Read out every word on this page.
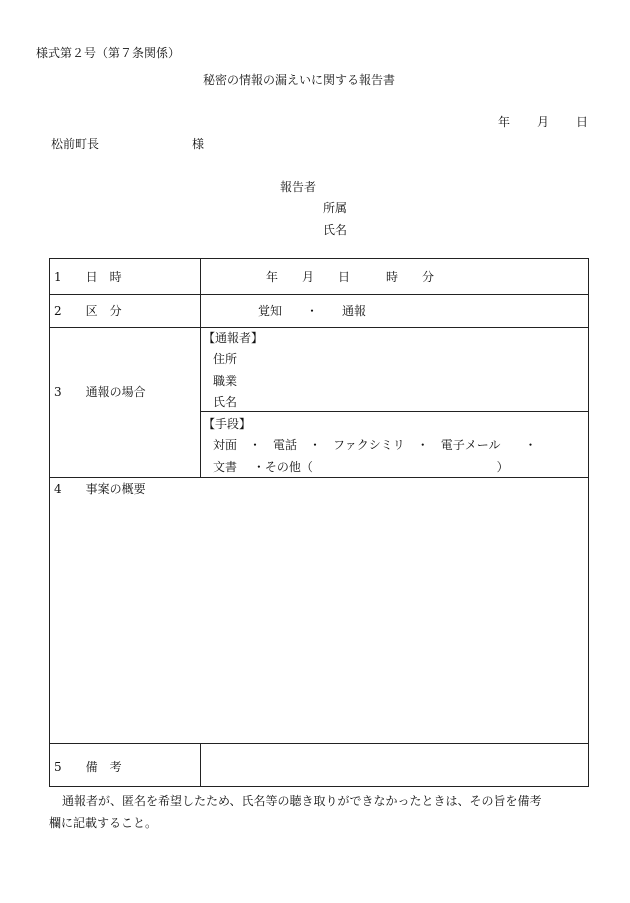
様式第２号（第７条関係）
秘密の情報の漏えいに関する報告書
年　　月　　日
松前町長	様
報告者
所属
氏名
1　　日　時	年　　月　　日　　　時　　分
2　　区　分	覚知　　・　　通報
3　　通報の場合
【通報者】
住所
職業
氏名
【手段】
対面　・　電話　・　ファクシミリ　・　電子メール　　・
文書　 ・その他（　　　　　　　　　　　　　　　 ）
4　　事案の概要
5　　備　考
通報者が、匿名を希望したため、氏名等の聴き取りができなかったときは、その旨を備考
欄に記載すること。
